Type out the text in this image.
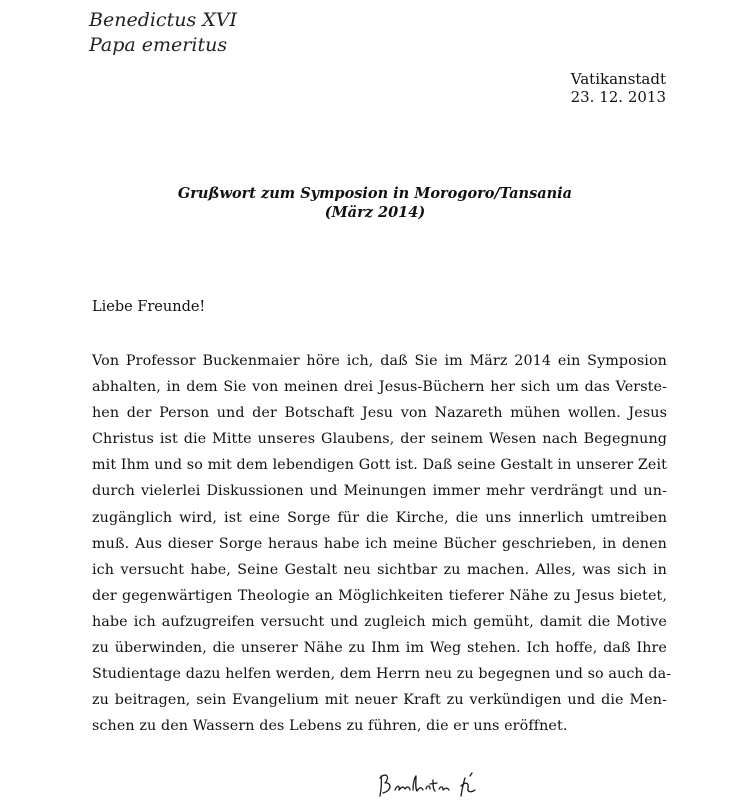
Benedictus XVI
Papa emeritus
Vatikanstadt
23. 12. 2013
Grußwort zum Symposion in Morogoro/Tansania
(März 2014)
Liebe Freunde!
Von Professor Buckenmaier höre ich, daß Sie im März 2014 ein Symposion
abhalten, in dem Sie von meinen drei Jesus-Büchern her sich um das Verste-
hen der Person und der Botschaft Jesu von Nazareth mühen wollen. Jesus
Christus ist die Mitte unseres Glaubens, der seinem Wesen nach Begegnung
mit Ihm und so mit dem lebendigen Gott ist. Daß seine Gestalt in unserer Zeit
durch vielerlei Diskussionen und Meinungen immer mehr verdrängt und un-
zugänglich wird, ist eine Sorge für die Kirche, die uns innerlich umtreiben
muß. Aus dieser Sorge heraus habe ich meine Bücher geschrieben, in denen
ich versucht habe, Seine Gestalt neu sichtbar zu machen. Alles, was sich in
der gegenwärtigen Theologie an Möglichkeiten tieferer Nähe zu Jesus bietet,
habe ich aufzugreifen versucht und zugleich mich gemüht, damit die Motive
zu überwinden, die unserer Nähe zu Ihm im Weg stehen. Ich hoffe, daß Ihre
Studientage dazu helfen werden, dem Herrn neu zu begegnen und so auch da-
zu beitragen, sein Evangelium mit neuer Kraft zu verkündigen und die Men-
schen zu den Wassern des Lebens zu führen, die er uns eröffnet.
